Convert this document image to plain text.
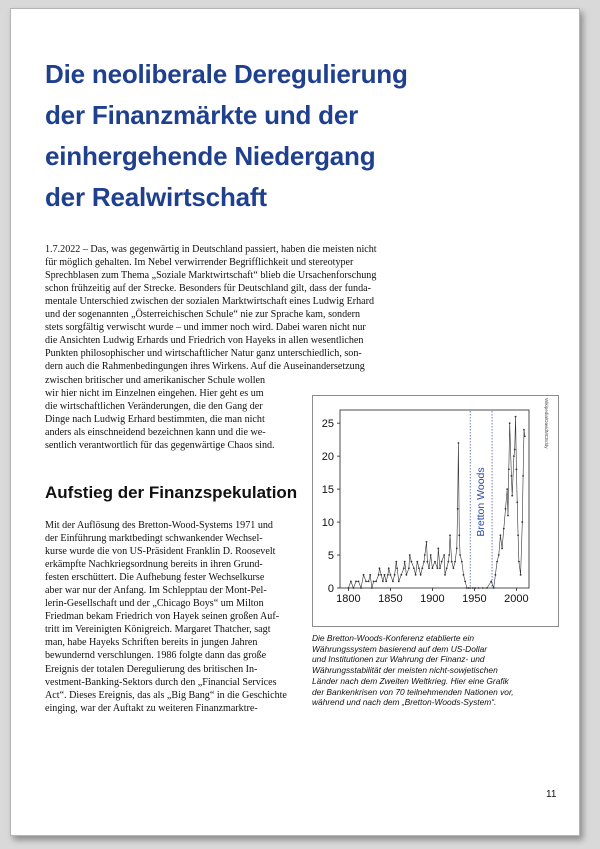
Die neoliberale Deregulierung
der Finanzmärkte und der
einhergehende Niedergang
der Realwirtschaft

1.7.2022 – Das, was gegenwärtig in Deutschland passiert, haben die meisten nicht
für möglich gehalten. Im Nebel verwirrender Begrifflichkeit und stereotyper
Sprechblasen zum Thema „Soziale Marktwirtschaft“ blieb die Ursachenforschung
schon frühzeitig auf der Strecke. Besonders für Deutschland gilt, dass der funda-
mentale Unterschied zwischen der sozialen Marktwirtschaft eines Ludwig Erhard
und der sogenannten „Österreichischen Schule“ nie zur Sprache kam, sondern
stets sorgfältig verwischt wurde – und immer noch wird. Dabei waren nicht nur
die Ansichten Ludwig Erhards und Friedrich von Hayeks in allen wesentlichen
Punkten philosophischer und wirtschaftlicher Natur ganz unterschiedlich, son-
dern auch die Rahmenbedingungen ihres Wirkens. Auf die Auseinandersetzung

zwischen britischer und amerikanischer Schule wollen
wir hier nicht im Einzelnen eingehen. Hier geht es um
die wirtschaftlichen Veränderungen, die den Gang der
Dinge nach Ludwig Erhard bestimmten, die man nicht
anders als einschneidend bezeichnen kann und die we-
sentlich verantwortlich für das gegenwärtige Chaos sind.

Aufstieg der Finanzspekulation

Mit der Auflösung des Bretton-Wood-Systems 1971 und
der Einführung marktbedingt schwankender Wechsel-
kurse wurde die von US-Präsident Franklin D. Roosevelt
erkämpfte Nachkriegsordnung bereits in ihren Grund-
festen erschüttert. Die Aufhebung fester Wechselkurse
aber war nur der Anfang. Im Schlepptau der Mont-Pel-
lerin-Gesellschaft und der „Chicago Boys“ um Milton
Friedman bekam Friedrich von Hayek seinen großen Auf-
tritt im Vereinigten Königreich. Margaret Thatcher, sagt
man, habe Hayeks Schriften bereits in jungen Jahren
bewundernd verschlungen. 1986 folgte dann das große
Ereignis der totalen Deregulierung des britischen In-
vestment-Banking-Sektors durch den „Financial Services
Act“. Dieses Ereignis, das als „Big Bang“ in die Geschichte
einging, war der Auftakt zu weiteren Finanzmarktre-

Bretton Woods
1800 1850 1900 1950 2000
0
5
10
15
20
25	Wikipedia/DavidMCEddy

Die Bretton-Woods-Konferenz etablierte ein
Währungssystem basierend auf dem US-Dollar
und Institutionen zur Wahrung der Finanz- und
Währungsstabilität der meisten nicht-sowjetischen
Länder nach dem Zweiten Weltkrieg. Hier eine Grafik
der Bankenkrisen von 70 teilnehmenden Nationen vor,
während und nach dem „Bretton-Woods-System“.

11
